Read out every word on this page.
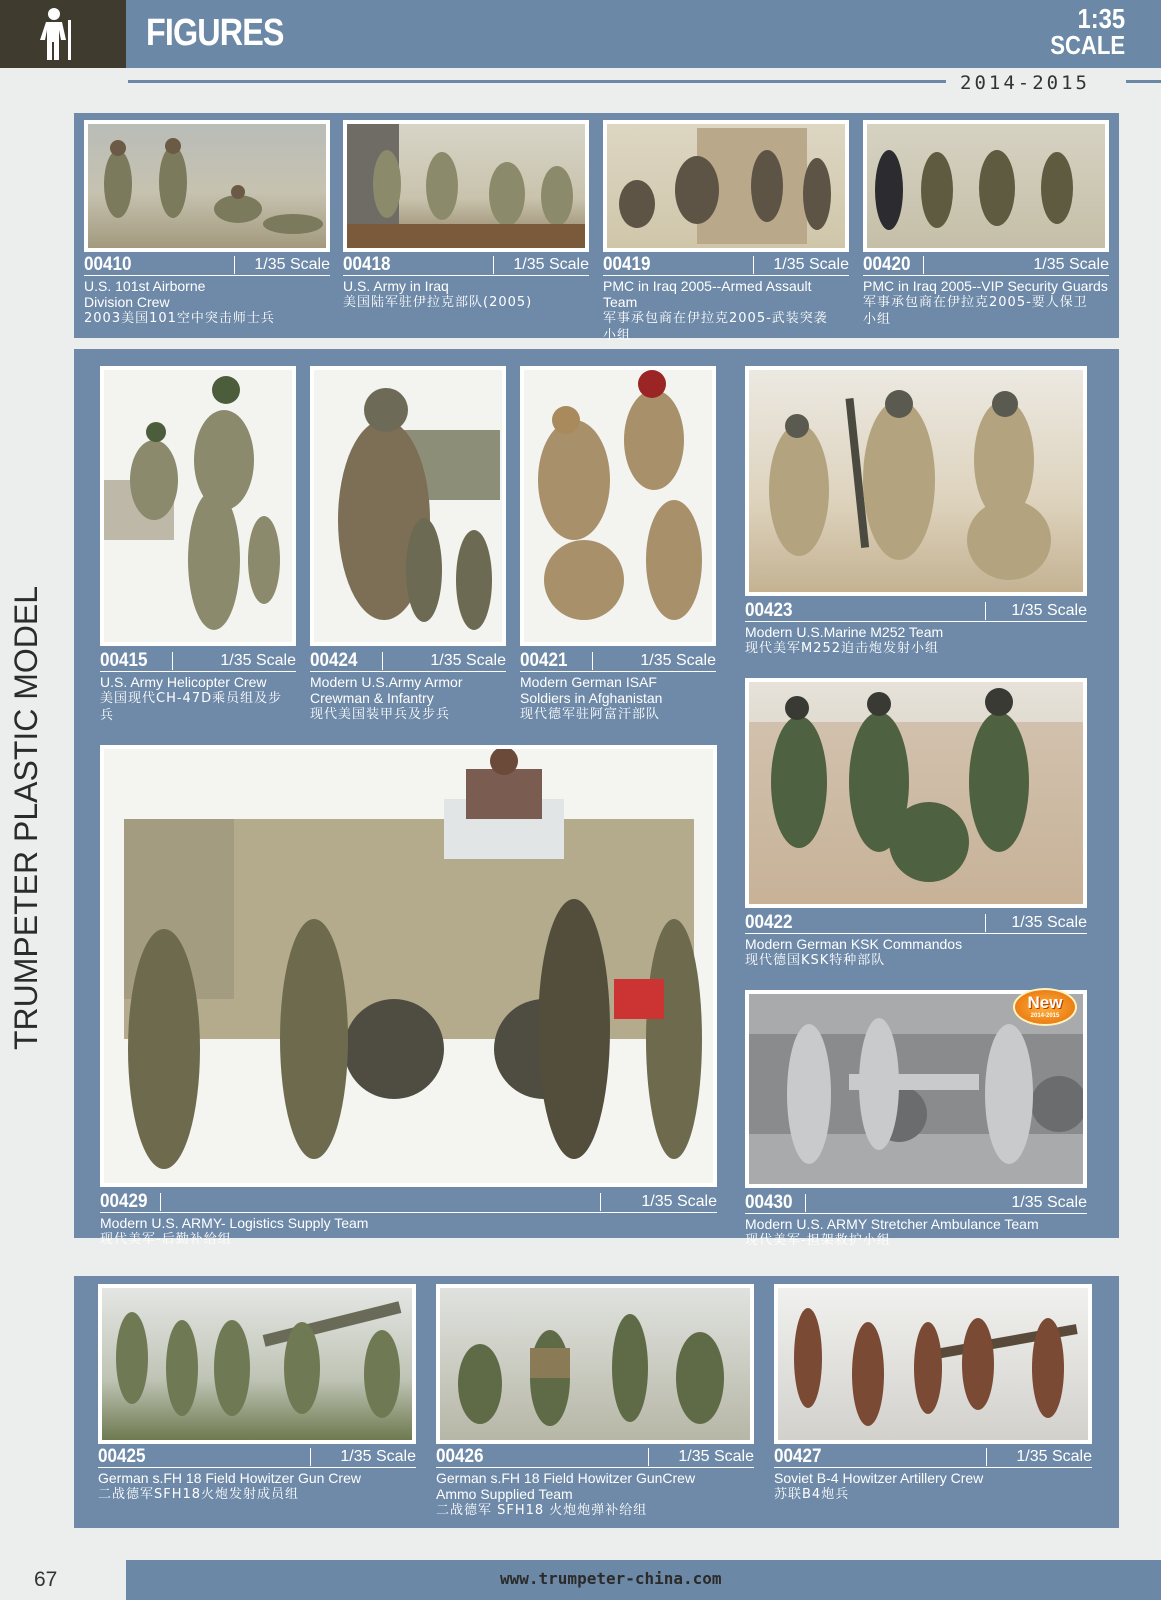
FIGURES	1:35
SCALE
2014-2015
TRUMPETER PLASTIC MODEL
00410	1/35 Scale
U.S. 101st Airborne
Division Crew
2003美国101空中突击师士兵
00418	1/35 Scale
U.S. Army in Iraq
美国陆军驻伊拉克部队(2005)
00419	1/35 Scale
PMC in Iraq 2005--Armed Assault Team
军事承包商在伊拉克2005-武装突袭
小组
00420	1/35 Scale
PMC in Iraq 2005--VIP Security Guards
军事承包商在伊拉克2005-要人保卫
小组
00415	1/35 Scale
U.S. Army Helicopter Crew
美国现代CH-47D乘员组及步
兵
00424	1/35 Scale
Modern U.S.Army Armor
Crewman & Infantry
现代美国装甲兵及步兵
00421	1/35 Scale
Modern German ISAF
Soldiers in Afghanistan
现代德军驻阿富汗部队
00423	1/35 Scale
Modern U.S.Marine M252 Team
现代美军M252迫击炮发射小组
00422	1/35 Scale
Modern German KSK Commandos
现代德国KSK特种部队
New
2014-2015
00430	1/35 Scale
Modern U.S. ARMY Stretcher Ambulance Team
现代美军-担架救护小组
00429	1/35 Scale
Modern U.S. ARMY- Logistics Supply Team
现代美军-后勤补给组
00425	1/35 Scale
German s.FH 18 Field Howitzer Gun Crew
二战德军SFH18火炮发射成员组
00426	1/35 Scale
German s.FH 18 Field Howitzer GunCrew
Ammo Supplied Team
二战德军 SFH18 火炮炮弹补给组
00427	1/35 Scale
Soviet B-4 Howitzer Artillery Crew
苏联B4炮兵
67	www.trumpeter-china.com
